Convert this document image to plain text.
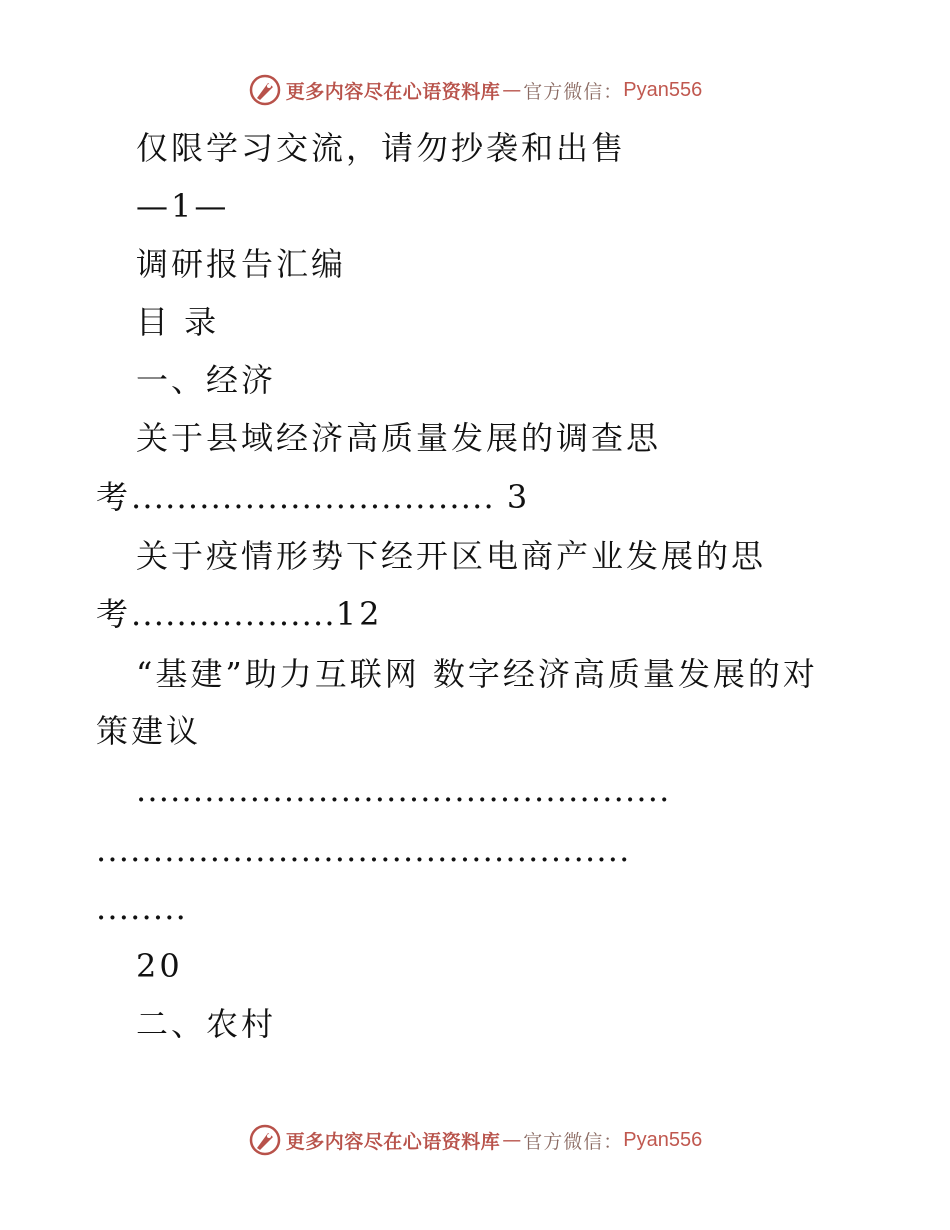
更多内容尽在心语资料库 — 官方微信： Pyan556
仅限学习交流，请勿抄袭和出售
—1—
调研报告汇编
目 录
一、经济
关于县域经济高质量发展的调查思
考................................ 3
关于疫情形势下经开区电商产业发展的思
考..................12
“基建”助力互联网 数字经济高质量发展的对
策建议
...............................................
...............................................
........
20
二、农村
更多内容尽在心语资料库 — 官方微信： Pyan556
